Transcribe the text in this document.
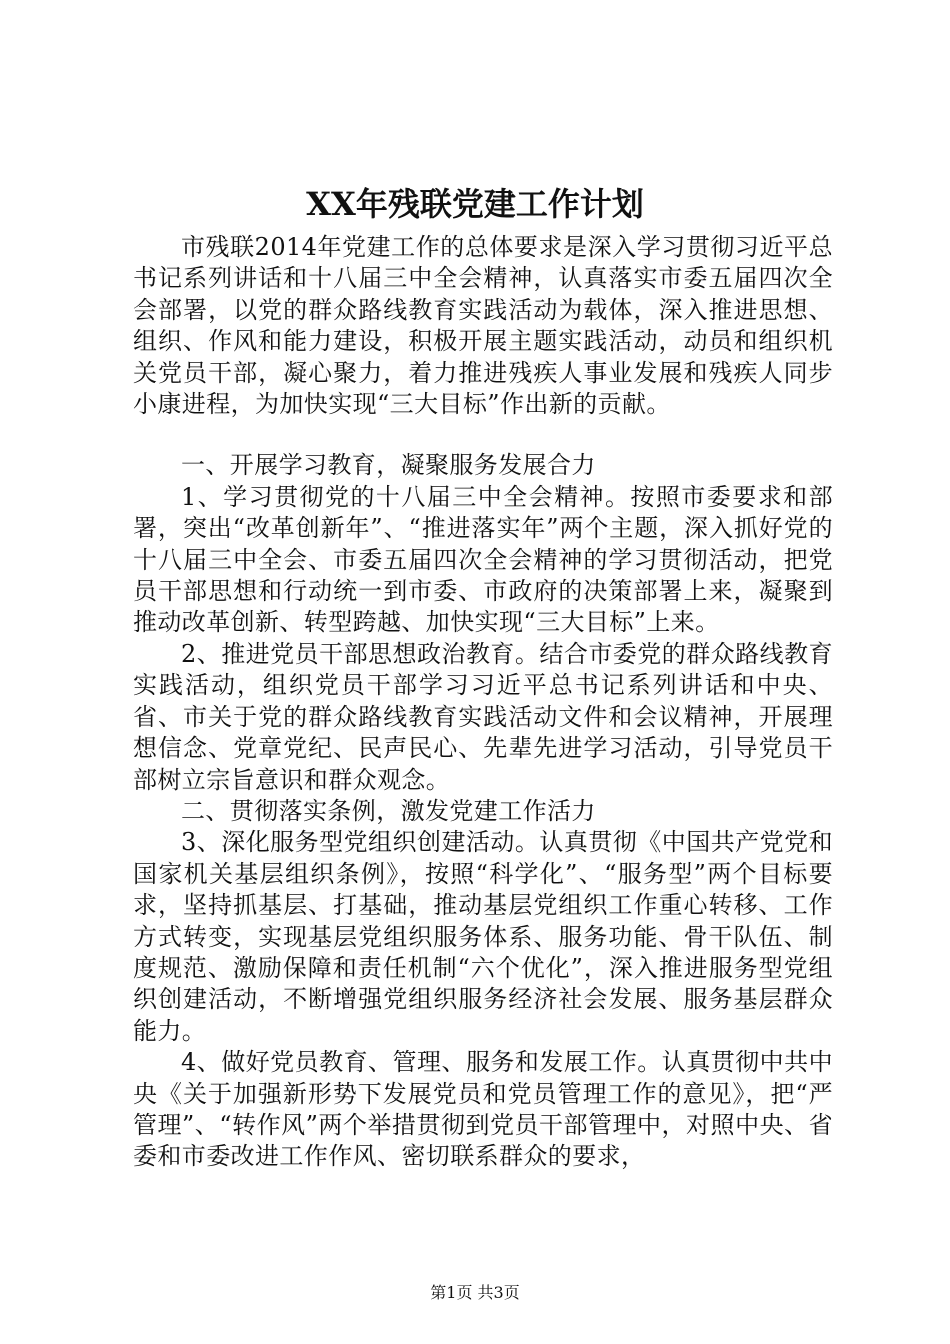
XX年残联党建工作计划

市残联2014年党建工作的总体要求是深入学习贯彻习近平总书记系列讲话和十八届三中全会精神，认真落实市委五届四次全会部署，以党的群众路线教育实践活动为载体，深入推进思想、组织、作风和能力建设，积极开展主题实践活动，动员和组织机关党员干部，凝心聚力，着力推进残疾人事业发展和残疾人同步小康进程，为加快实现“三大目标”作出新的贡献。

一、开展学习教育，凝聚服务发展合力

1、学习贯彻党的十八届三中全会精神。按照市委要求和部署，突出“改革创新年”、“推进落实年”两个主题，深入抓好党的十八届三中全会、市委五届四次全会精神的学习贯彻活动，把党员干部思想和行动统一到市委、市政府的决策部署上来，凝聚到推动改革创新、转型跨越、加快实现“三大目标”上来。

2、推进党员干部思想政治教育。结合市委党的群众路线教育实践活动，组织党员干部学习习近平总书记系列讲话和中央、省、市关于党的群众路线教育实践活动文件和会议精神，开展理想信念、党章党纪、民声民心、先辈先进学习活动，引导党员干部树立宗旨意识和群众观念。

二、贯彻落实条例，激发党建工作活力

3、深化服务型党组织创建活动。认真贯彻《中国共产党党和国家机关基层组织条例》，按照“科学化”、“服务型”两个目标要求，坚持抓基层、打基础，推动基层党组织工作重心转移、工作方式转变，实现基层党组织服务体系、服务功能、骨干队伍、制度规范、激励保障和责任机制“六个优化”，深入推进服务型党组织创建活动，不断增强党组织服务经济社会发展、服务基层群众能力。

4、做好党员教育、管理、服务和发展工作。认真贯彻中共中央《关于加强新形势下发展党员和党员管理工作的意见》，把“严管理”、“转作风”两个举措贯彻到党员干部管理中，对照中央、省委和市委改进工作作风、密切联系群众的要求，

第1页 共3页
